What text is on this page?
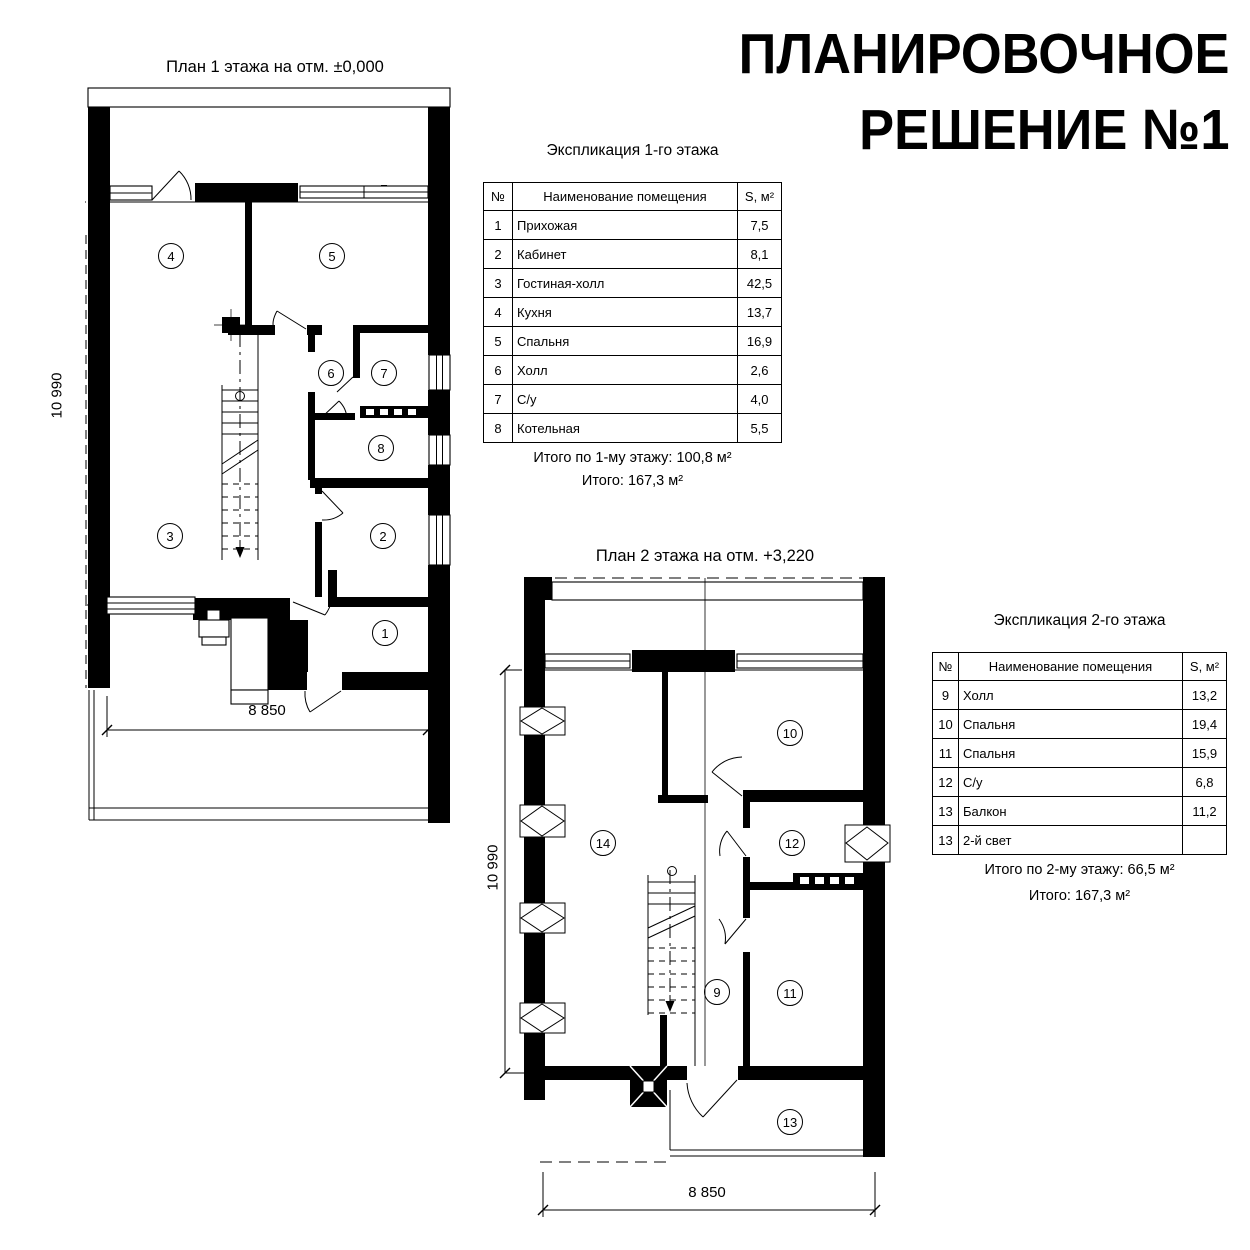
ПЛАНИРОВОЧНОЕ
РЕШЕНИЕ №1
План 1 этажа на отм. ±0,000
План 2 этажа на отм. +3,220
8 850
10 990
8 850
10 990
1
2
3
4	5
6	7
8
9
10
11
12
13
14
Экспликация 1-го этажа
№	Наименование помещения	S, м²
1	Прихожая	7,5
2	Кабинет	8,1
3	Гостиная-холл	42,5
4	Кухня	13,7
5	Спальня	16,9
6	Холл	2,6
7	С/у	4,0
8	Котельная	5,5
Итого по 1-му этажу: 100,8 м²
Итого: 167,3 м²
Экспликация 2-го этажа
№	Наименование помещения	S, м²
9	Холл	13,2
10	Спальня	19,4
11	Спальня	15,9
12	С/у	6,8
13	Балкон	11,2
13	2-й свет	
Итого по 2-му этажу: 66,5 м²
Итого: 167,3 м²
